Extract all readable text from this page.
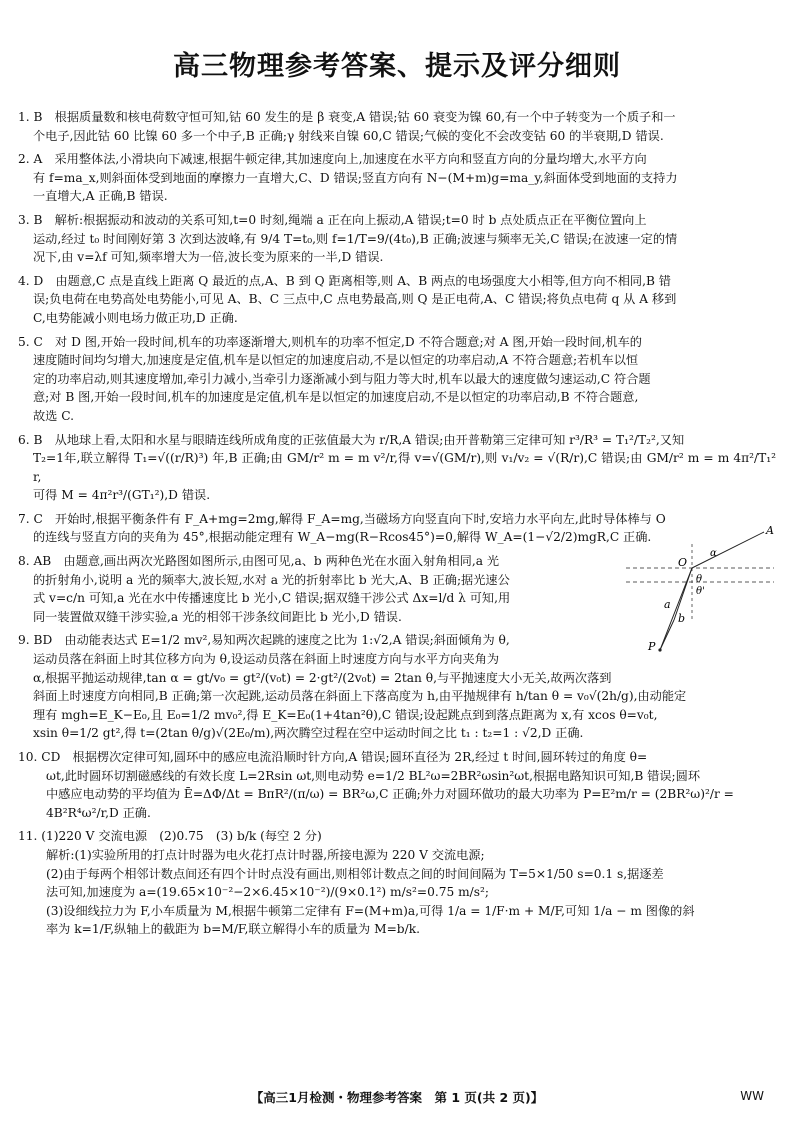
高三物理参考答案、提示及评分细则
1. B　根据质量数和核电荷数守恒可知,钴 60 发生的是 β 衰变,A 错误;钴 60 衰变为镍 60,有一个中子转变为一个质子和一
个电子,因此钴 60 比镍 60 多一个中子,B 正确;γ 射线来自镍 60,C 错误;气候的变化不会改变钴 60 的半衰期,D 错误.
2. A　采用整体法,小滑块向下减速,根据牛顿定律,其加速度向上,加速度在水平方向和竖直方向的分量均增大,水平方向
有 f=ma_x,则斜面体受到地面的摩擦力一直增大,C、D 错误;竖直方向有 N−(M+m)g=ma_y,斜面体受到地面的支持力
一直增大,A 正确,B 错误.
3. B　解析:根据振动和波动的关系可知,t=0 时刻,绳端 a 正在向上振动,A 错误;t=0 时 b 点处质点正在平衡位置向上
运动,经过 t₀ 时间刚好第 3 次到达波峰,有 9/4 T=t₀,则 f=1/T=9/(4t₀),B 正确;波速与频率无关,C 错误;在波速一定的情
况下,由 v=λf 可知,频率增大为一倍,波长变为原来的一半,D 错误.
4. D　由题意,C 点是直线上距离 Q 最近的点,A、B 到 Q 距离相等,则 A、B 两点的电场强度大小相等,但方向不相同,B 错
误;负电荷在电势高处电势能小,可见 A、B、C 三点中,C 点电势最高,则 Q 是正电荷,A、C 错误;将负点电荷 q 从 A 移到
C,电势能减小则电场力做正功,D 正确.
5. C　对 D 图,开始一段时间,机车的功率逐渐增大,则机车的功率不恒定,D 不符合题意;对 A 图,开始一段时间,机车的
速度随时间均匀增大,加速度是定值,机车是以恒定的加速度启动,不是以恒定的功率启动,A 不符合题意;若机车以恒
定的功率启动,则其速度增加,牵引力减小,当牵引力逐渐减小到与阻力等大时,机车以最大的速度做匀速运动,C 符合题
意;对 B 图,开始一段时间,机车的加速度是定值,机车是以恒定的加速度启动,不是以恒定的功率启动,B 不符合题意,
故选 C.
6. B　从地球上看,太阳和水星与眼睛连线所成角度的正弦值最大为 r/R,A 错误;由开普勒第三定律可知 r³/R³ = T₁²/T₂²,又知
T₂=1年,联立解得 T₁=√((r/R)³) 年,B 正确;由 GM/r² m = m v²/r,得 v=√(GM/r),则 v₁/v₂ = √(R/r),C 错误;由 GM/r² m = m 4π²/T₁² r,
可得 M = 4π²r³/(GT₁²),D 错误.
7. C　开始时,根据平衡条件有 F_A+mg=2mg,解得 F_A=mg,当磁场方向竖直向下时,安培力水平向左,此时导体棒与 O
的连线与竖直方向的夹角为 45°,根据动能定理有 W_A−mg(R−Rcos45°)=0,解得 W_A=(1−√2/2)mgR,C 正确.
8. AB　由题意,画出两次光路图如图所示,由图可见,a、b 两种色光在水面入射角相同,a 光
的折射角小,说明 a 光的频率大,波长短,水对 a 光的折射率比 b 光大,A、B 正确;据光速公
式 v=c/n 可知,a 光在水中传播速度比 b 光小,C 错误;据双缝干涉公式 Δx=l/d λ 可知,用
同一装置做双缝干涉实验,a 光的相邻干涉条纹间距比 b 光小,D 错误.
9. BD　由动能表达式 E=1/2 mv²,易知两次起跳的速度之比为 1:√2,A 错误;斜面倾角为 θ,
运动员落在斜面上时其位移方向为 θ,设运动员落在斜面上时速度方向与水平方向夹角为
α,根据平抛运动规律,tan α = gt/v₀ = gt²/(v₀t) = 2·gt²/(2v₀t) = 2tan θ,与平抛速度大小无关,故两次落到
斜面上时速度方向相同,B 正确;第一次起跳,运动员落在斜面上下落高度为 h,由平抛规律有 h/tan θ = v₀√(2h/g),由动能定
理有 mgh=E_K−E₀,且 E₀=1/2 mv₀²,得 E_K=E₀(1+4tan²θ),C 错误;设起跳点到到落点距离为 x,有 xcos θ=v₀t,
xsin θ=1/2 gt²,得 t=(2tan θ/g)√(2E₀/m),两次腾空过程在空中运动时间之比 t₁ : t₂=1 : √2,D 正确.
10. CD　根据楞次定律可知,圆环中的感应电流沿顺时针方向,A 错误;圆环直径为 2R,经过 t 时间,圆环转过的角度 θ=
ωt,此时圆环切割磁感线的有效长度 L=2Rsin ωt,则电动势 e=1/2 BL²ω=2BR²ωsin²ωt,根据电路知识可知,B 错误;圆环
中感应电动势的平均值为 Ē=ΔΦ/Δt = BπR²/(π/ω) = BR²ω,C 正确;外力对圆环做功的最大功率为 P=E²m/r = (2BR²ω)²/r =
4B²R⁴ω²/r,D 正确.
11. (1)220 V 交流电源　(2)0.75　(3) b/k (每空 2 分)
解析:(1)实验所用的打点计时器为电火花打点计时器,所接电源为 220 V 交流电源;
(2)由于每两个相邻计数点间还有四个计时点没有画出,则相邻计数点之间的时间间隔为 T=5×1/50 s=0.1 s,据逐差
法可知,加速度为 a=(19.65×10⁻²−2×6.45×10⁻²)/(9×0.1²) m/s²=0.75 m/s²;
(3)设细线拉力为 F,小车质量为 M,根据牛顿第二定律有 F=(M+m)a,可得 1/a = 1/F·m + M/F,可知 1/a − m 图像的斜
率为 k=1/F,纵轴上的截距为 b=M/F,联立解得小车的质量为 M=b/k.
A
O
α
θ
θ'
a
b
P
【高三1月检测・物理参考答案　第 1 页(共 2 页)】	WW
